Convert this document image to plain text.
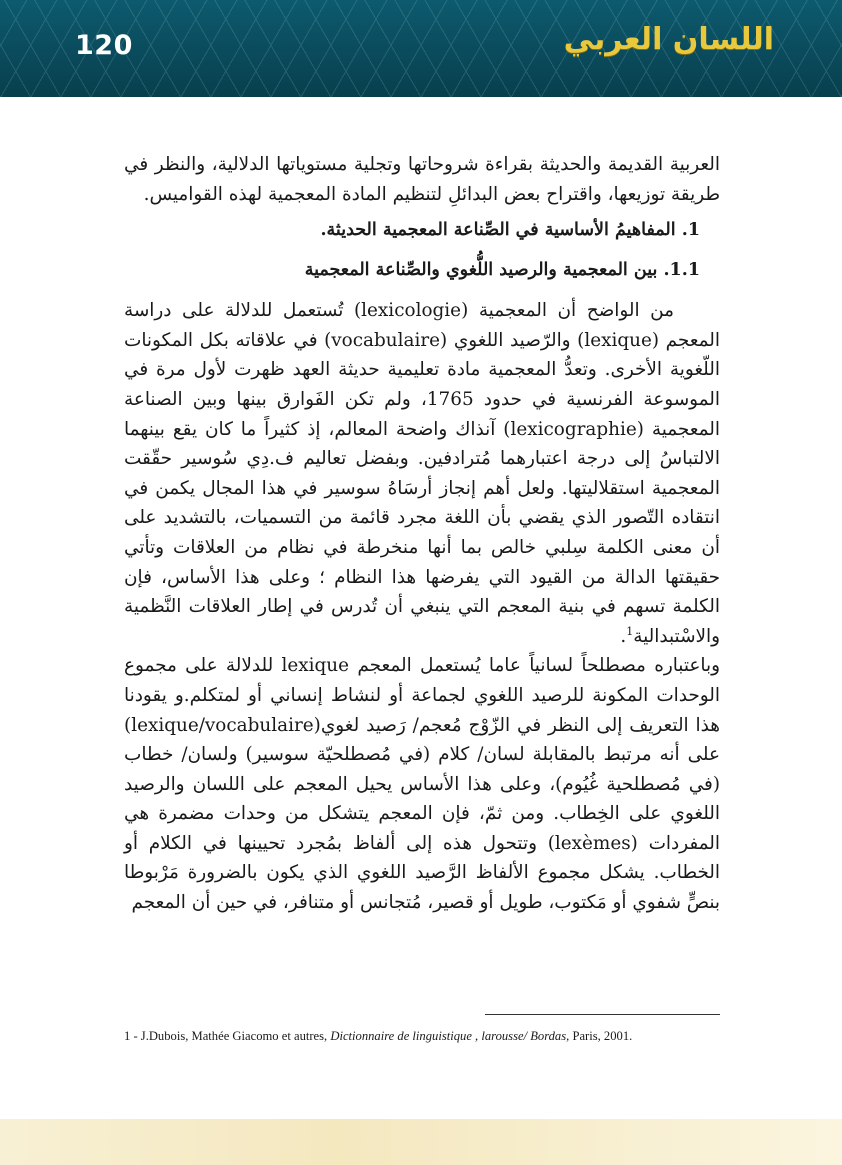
120	اللسان العربي

العربية القديمة والحديثة بقراءة شروحاتها وتجلية مستوياتها الدلالية، والنظر في طريقة توزيعها، واقتراح بعض البدائلِ لتنظيم المادة المعجمية لهذه القواميس.

1. المفاهيمُ الأساسية في الصِّناعة المعجمية الحديثة.

1.1. بين المعجمية والرصيد اللُّغوي والصِّناعة المعجمية

من الواضح أن المعجمية (lexicologie) تُستعمل للدلالة على دراسة المعجم (lexique) والرّصيد اللغوي (vocabulaire) في علاقاته بكل المكونات اللّغوية الأخرى. وتعدُّ المعجمية مادة تعليمية حديثة العهد ظهرت لأول مرة في الموسوعة الفرنسية في حدود 1765، ولم تكن الفَوارق بينها وبين الصناعة المعجمية (lexicographie) آنذاك واضحة المعالم، إذ كثيراً ما كان يقع بينهما الالتباسُ إلى درجة اعتبارهما مُترادفين. وبفضل تعاليم ف.دِي سُوسير حقّقت المعجمية استقلاليتها. ولعل أهم إنجاز أرسَاهُ سوسير في هذا المجال يكمن في انتقاده التّصور الذي يقضي بأن اللغة مجرد قائمة من التسميات، بالتشديد على أن معنى الكلمة سِلبي خالص بما أنها منخرطة في نظام من العلاقات وتأتي حقيقتها الدالة من القيود التي يفرضها هذا النظام ؛ وعلى هذا الأساس، فإن الكلمة تسهم في بنية المعجم التي ينبغي أن تُدرس في إطار العلاقات النَّظمية والاسْتبدالية$^1$.

وباعتباره مصطلحاً لسانياً عاما يُستعمل المعجم lexique للدلالة على مجموع الوحدات المكونة للرصيد اللغوي لجماعة أو لنشاط إنساني أو لمتكلم.و يقودنا هذا التعريف إلى النظر في الزّوْج مُعجم/ رَصيد لغوي(lexique/vocabulaire) على أنه مرتبط بالمقابلة لسان/ كلام (في مُصطلحيّة سوسير) ولسان/ خطاب (في مُصطلحية غُيُوم)، وعلى هذا الأساس يحيل المعجم على اللسان والرصيد اللغوي على الخِطاب. ومن ثمّ، فإن المعجم يتشكل من وحدات مضمرة هي المفردات (lexèmes) وتتحول هذه إلى ألفاظ بمُجرد تحيينها في الكلام أو الخطاب. يشكل مجموع الألفاظ الرَّصيد اللغوي الذي يكون بالضرورة مَرْبوطا بنصٍّ شفوي أو مَكتوب، طويل أو قصير، مُتجانس أو متنافر، في حين أن المعجم

1 - J.Dubois, Mathée Giacomo et autres, Dictionnaire de linguistique , larousse/ Bordas, Paris, 2001.
